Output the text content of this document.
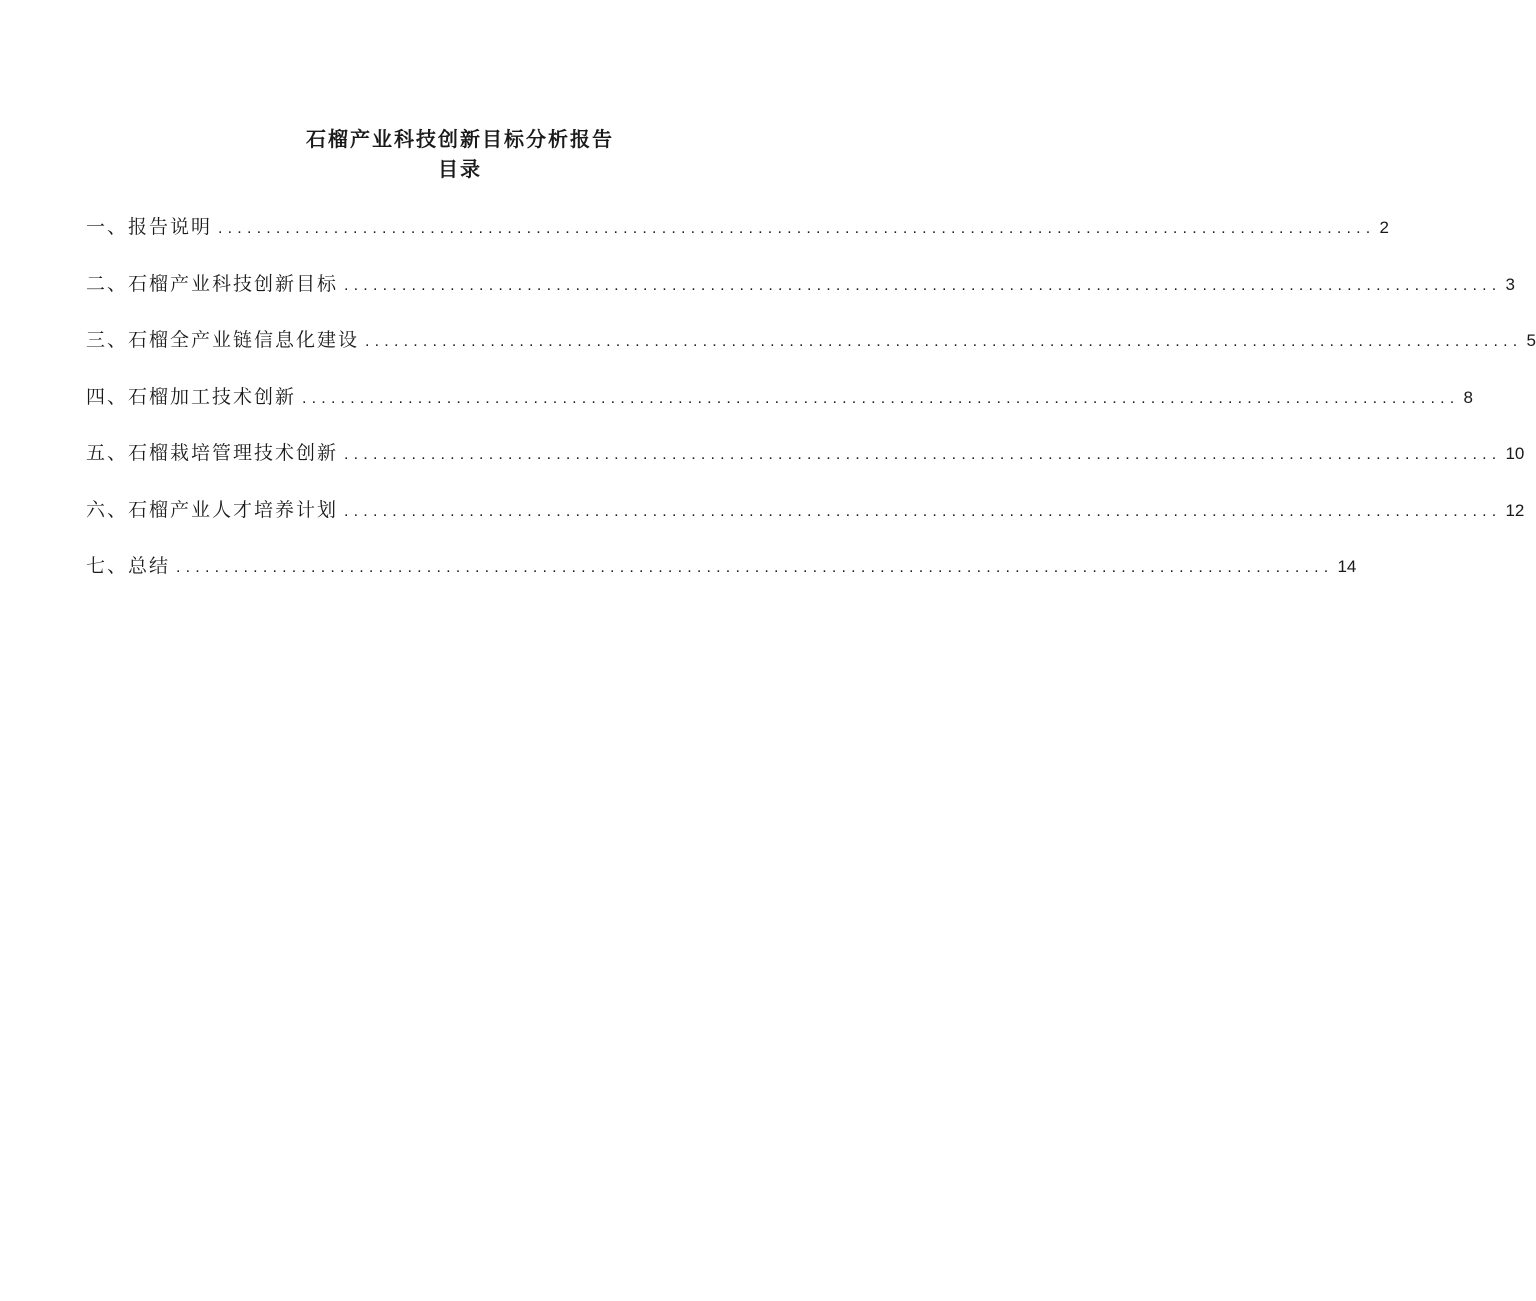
石榴产业科技创新目标分析报告
目录
一、报告说明 ........................................................................................................................ 2
二、石榴产业科技创新目标 ........................................................................................................................ 3
三、石榴全产业链信息化建设 ........................................................................................................................ 5
四、石榴加工技术创新 ........................................................................................................................ 8
五、石榴栽培管理技术创新 ........................................................................................................................ 10
六、石榴产业人才培养计划 ........................................................................................................................ 12
七、总结 ........................................................................................................................ 14
